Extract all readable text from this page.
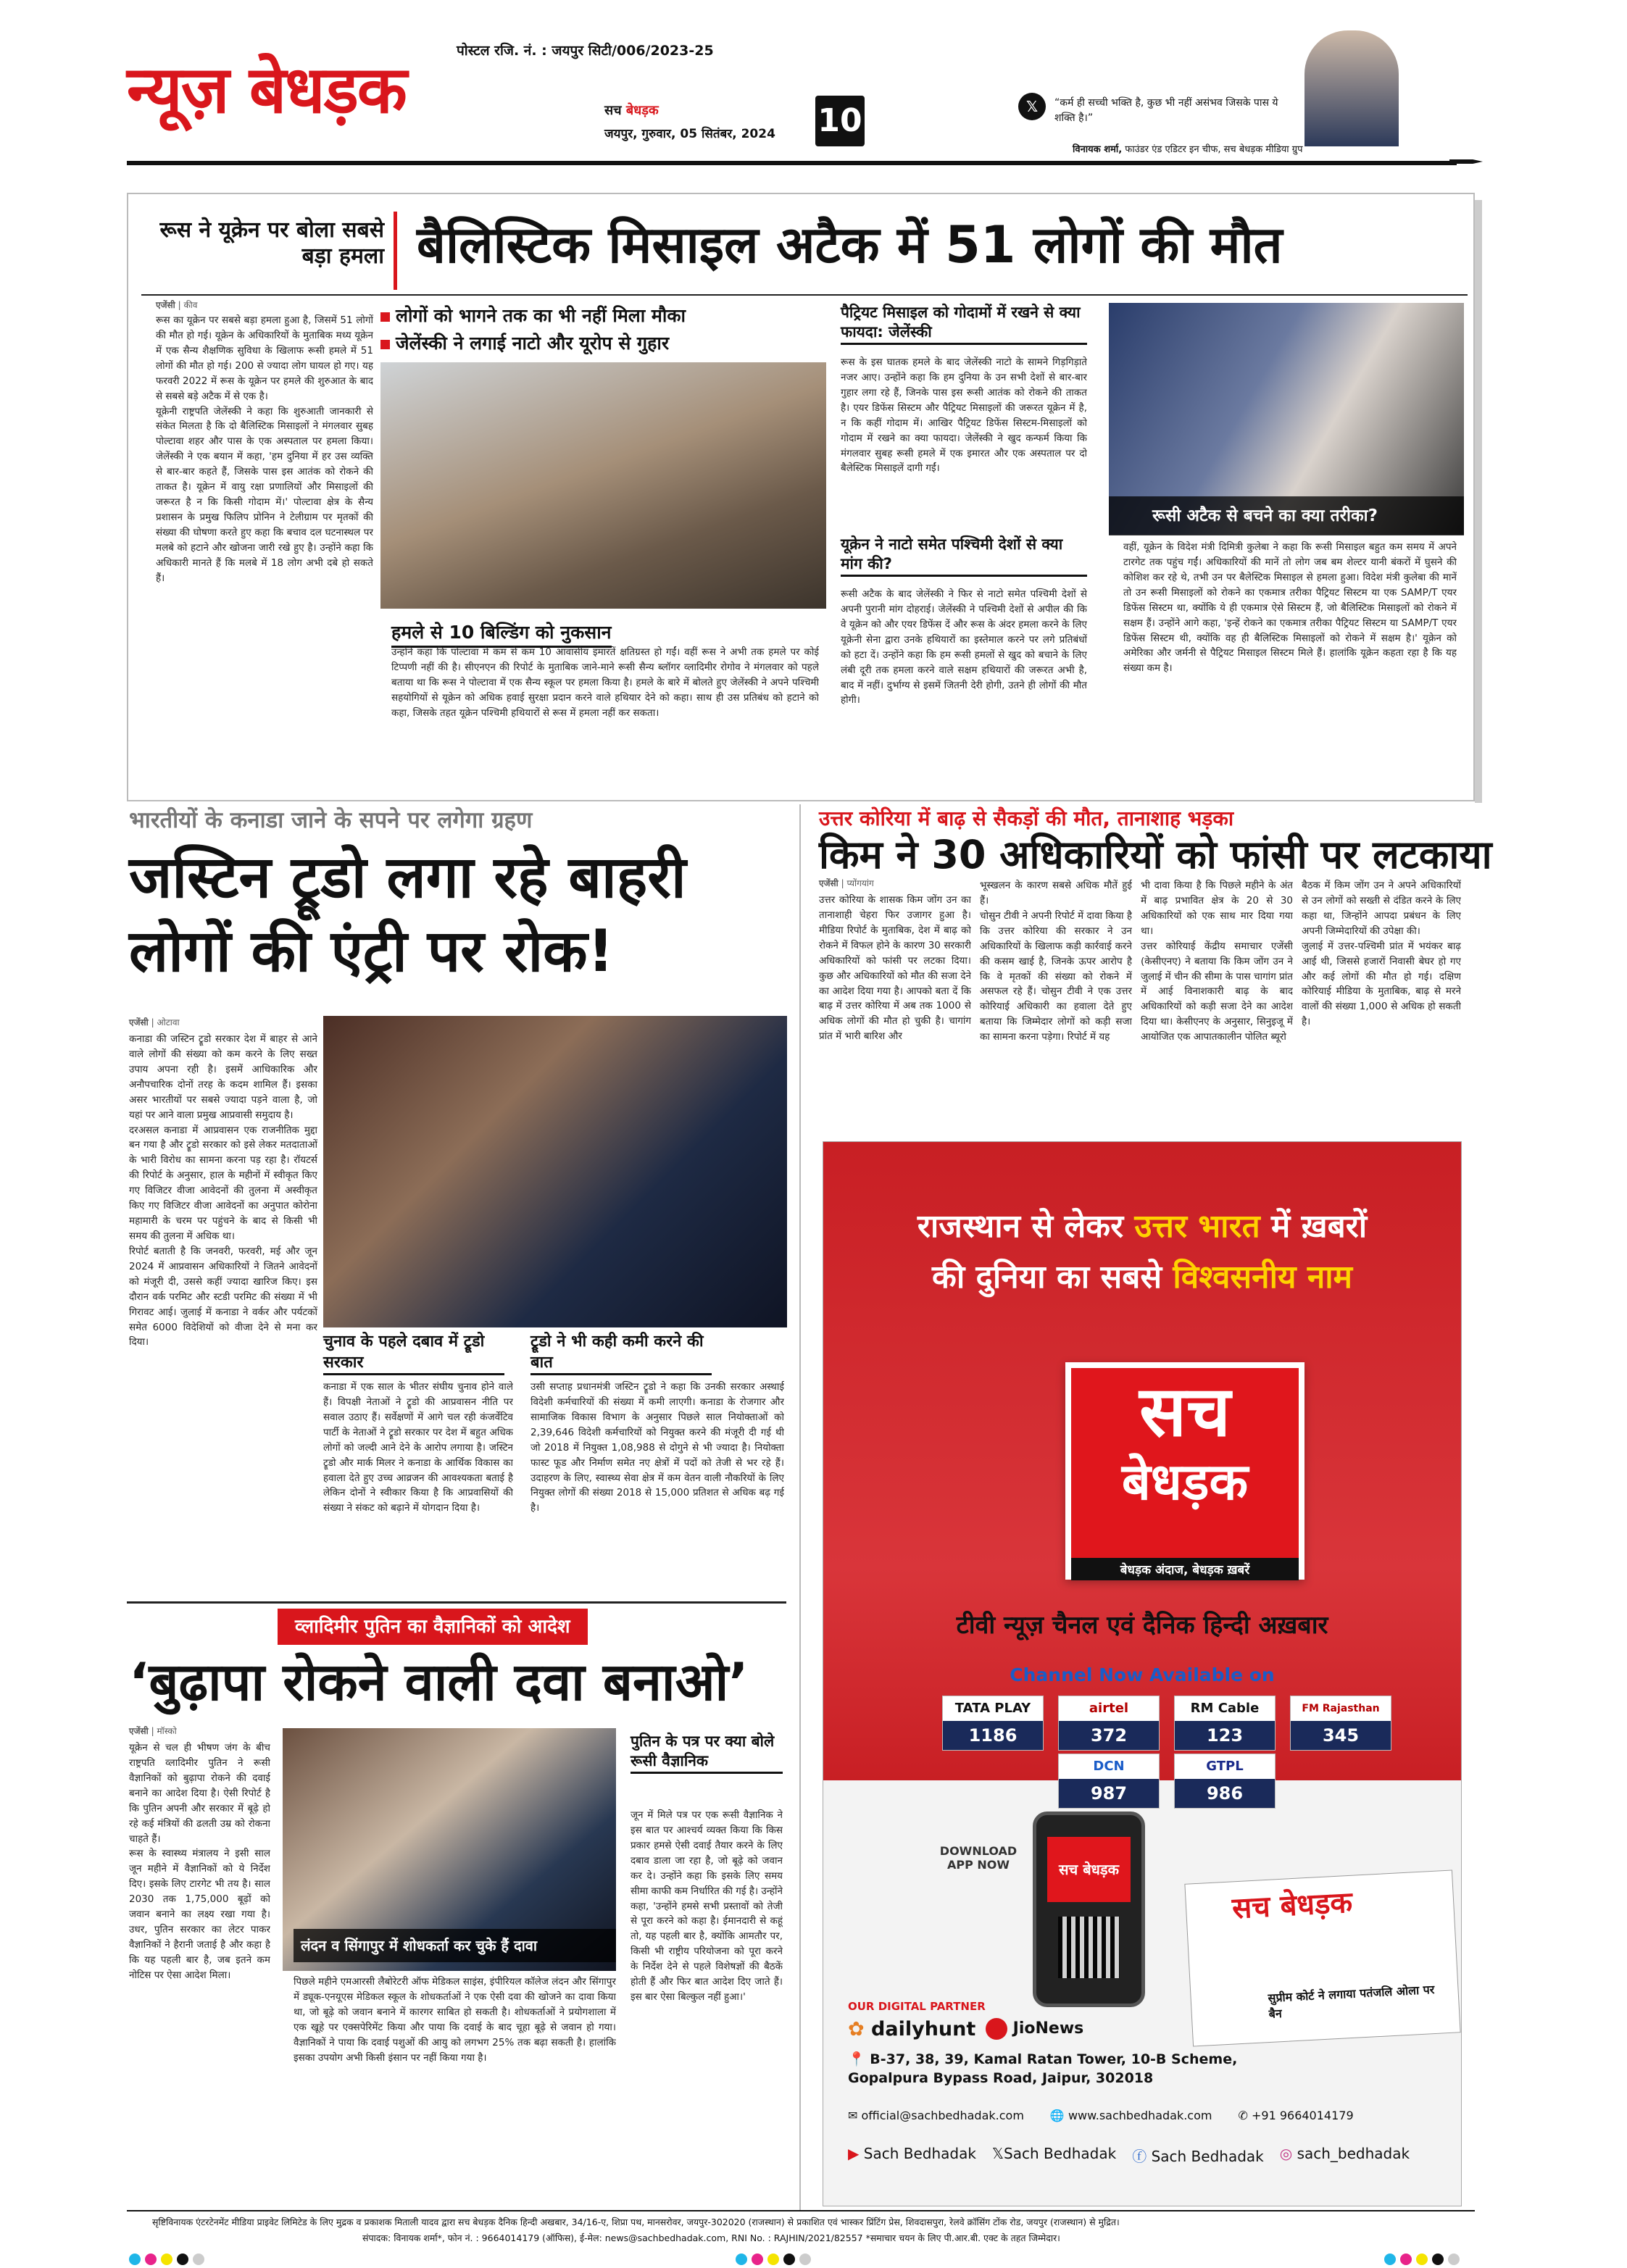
पोस्टल रजि. नं. : जयपुर सिटी/006/2023-25
न्यूज़ बेधड़क	सच बेधड़क
जयपुर, गुरुवार, 05 सितंबर, 2024 10	𝕏	“कर्म ही सच्ची भक्ति है, कुछ भी नहीं असंभव जिसके पास ये शक्ति है।”
विनायक शर्मा, फाउंडर एंड एडिटर इन चीफ, सच बेधड़क मीडिया ग्रुप
रूस ने यूक्रेन पर बोला सबसे बड़ा हमला बैलिस्टिक मिसाइल अटैक में 51 लोगों की मौत
एजेंसी | कीव
रूस का यूक्रेन पर सबसे बड़ा हमला हुआ है, जिसमें 51 लोगों की मौत हो गई। यूक्रेन के अधिकारियों के मुताबिक मध्य यूक्रेन में एक सैन्य शैक्षणिक सुविधा के खिलाफ रूसी हमले में 51 लोगों की मौत हो गई। 200 से ज्यादा लोग घायल हो गए। यह फरवरी 2022 में रूस के यूक्रेन पर हमले की शुरुआत के बाद से सबसे बड़े अटैक में से एक है।
यूक्रेनी राष्ट्रपति जेलेंस्की ने कहा कि शुरुआती जानकारी से संकेत मिलता है कि दो बैलिस्टिक मिसाइलों ने मंगलवार सुबह पोल्टावा शहर और पास के एक अस्पताल पर हमला किया। जेलेंस्की ने एक बयान में कहा, 'हम दुनिया में हर उस व्यक्ति से बार-बार कहते हैं, जिसके पास इस आतंक को रोकने की ताकत है। यूक्रेन में वायु रक्षा प्रणालियों और मिसाइलों की जरूरत है न कि किसी गोदाम में।' पोल्टावा क्षेत्र के सैन्य प्रशासन के प्रमुख फिलिप प्रोनिन ने टेलीग्राम पर मृतकों की संख्या की घोषणा करते हुए कहा कि बचाव दल घटनास्थल पर मलबे को हटाने और खोजना जारी रखे हुए है। उन्होंने कहा कि अधिकारी मानते हैं कि मलबे में 18 लोग अभी दबे हो सकते हैं।
लोगों को भागने तक का भी नहीं मिला मौका
जेलेंस्की ने लगाई नाटो और यूरोप से गुहार
हमले से 10 बिल्डिंग को नुकसान
उन्होंने कहा कि पोल्टावा में कम से कम 10 आवासीय इमारतें क्षतिग्रस्त हो गईं। वहीं रूस ने अभी तक हमले पर कोई टिप्पणी नहीं की है। सीएनएन की रिपोर्ट के मुताबिक जाने-माने रूसी सैन्य ब्लॉगर व्लादिमीर रोगोव ने मंगलवार को पहले बताया था कि रूस ने पोल्टावा में एक सैन्य स्कूल पर हमला किया है। हमले के बारे में बोलते हुए जेलेंस्की ने अपने पश्चिमी सहयोगियों से यूक्रेन को अधिक हवाई सुरक्षा प्रदान करने वाले हथियार देने को कहा। साथ ही उस प्रतिबंध को हटाने को कहा, जिसके तहत यूक्रेन पश्चिमी हथियारों से रूस में हमला नहीं कर सकता।
पैट्रियट मिसाइल को गोदामों में रखने से क्या फायदा: जेलेंस्की
रूस के इस घातक हमले के बाद जेलेंस्की नाटो के सामने गिड़गिड़ाते नजर आए। उन्होंने कहा कि हम दुनिया के उन सभी देशों से बार-बार गुहार लगा रहे हैं, जिनके पास इस रूसी आतंक को रोकने की ताकत है। एयर डिफेंस सिस्टम और पैट्रियट मिसाइलों की जरूरत यूक्रेन में है, न कि कहीं गोदाम में। आखिर पैट्रियट डिफेंस सिस्टम-मिसाइलों को गोदाम में रखने का क्या फायदा। जेलेंस्की ने खुद कन्फर्म किया कि मंगलवार सुबह रूसी हमले में एक इमारत और एक अस्पताल पर दो बैलेस्टिक मिसाइलें दागी गईं।
यूक्रेन ने नाटो समेत पश्चिमी देशों से क्या मांग की?
रूसी अटैक के बाद जेलेंस्की ने फिर से नाटो समेत पश्चिमी देशों से अपनी पुरानी मांग दोहराई। जेलेंस्की ने पश्चिमी देशों से अपील की कि वे यूक्रेन को और एयर डिफेंस दें और रूस के अंदर हमला करने के लिए यूक्रेनी सेना द्वारा उनके हथियारों का इस्तेमाल करने पर लगे प्रतिबंधों को हटा दें। उन्होंने कहा कि हम रूसी हमलों से खुद को बचाने के लिए लंबी दूरी तक हमला करने वाले सक्षम हथियारों की जरूरत अभी है, बाद में नहीं। दुर्भाग्य से इसमें जितनी देरी होगी, उतने ही लोगों की मौत होगी।
रूसी अटैक से बचने का क्या तरीका?
वहीं, यूक्रेन के विदेश मंत्री दिमित्री कुलेबा ने कहा कि रूसी मिसाइल बहुत कम समय में अपने टारगेट तक पहुंच गईं। अधिकारियों की मानें तो लोग जब बम शेल्टर यानी बंकरों में घुसने की कोशिश कर रहे थे, तभी उन पर बैलेस्टिक मिसाइल से हमला हुआ। विदेश मंत्री कुलेबा की मानें तो उन रूसी मिसाइलों को रोकने का एकमात्र तरीका पैट्रियट सिस्टम या एक SAMP/T एयर डिफेंस सिस्टम था, क्योंकि ये ही एकमात्र ऐसे सिस्टम हैं, जो बैलिस्टिक मिसाइलों को रोकने में सक्षम हैं। उन्होंने आगे कहा, 'इन्हें रोकने का एकमात्र तरीका पैट्रियट सिस्टम या SAMP/T एयर डिफेंस सिस्टम थी, क्योंकि वह ही बैलिस्टिक मिसाइलों को रोकने में सक्षम है।' यूक्रेन को अमेरिका और जर्मनी से पैट्रियट मिसाइल सिस्टम मिले हैं। हालांकि यूक्रेन कहता रहा है कि यह संख्या कम है।
भारतीयों के कनाडा जाने के सपने पर लगेगा ग्रहण
जस्टिन ट्रूडो लगा रहे बाहरी लोगों की एंट्री पर रोक!
एजेंसी | ओटावा
कनाडा की जस्टिन ट्रूडो सरकार देश में बाहर से आने वाले लोगों की संख्या को कम करने के लिए सख्त उपाय अपना रही है। इसमें आधिकारिक और अनौपचारिक दोनों तरह के कदम शामिल हैं। इसका असर भारतीयों पर सबसे ज्यादा पड़ने वाला है, जो यहां पर आने वाला प्रमुख आप्रवासी समुदाय है।
दरअसल कनाडा में आप्रवासन एक राजनीतिक मुद्दा बन गया है और ट्रूडो सरकार को इसे लेकर मतदाताओं के भारी विरोध का सामना करना पड़ रहा है। रॉयटर्स की रिपोर्ट के अनुसार, हाल के महीनों में स्वीकृत किए गए विजिटर वीजा आवेदनों की तुलना में अस्वीकृत किए गए विजिटर वीजा आवेदनों का अनुपात कोरोना महामारी के चरम पर पहुंचने के बाद से किसी भी समय की तुलना में अधिक था।
रिपोर्ट बताती है कि जनवरी, फरवरी, मई और जून 2024 में आप्रवासन अधिकारियों ने जितने आवेदनों को मंजूरी दी, उससे कहीं ज्यादा खारिज किए। इस दौरान वर्क परमिट और स्टडी परमिट की संख्या में भी गिरावट आई। जुलाई में कनाडा ने वर्कर और पर्यटकों समेत 6000 विदेशियों को वीजा देने से मना कर दिया।	चुनाव के पहले दबाव में ट्रूडो सरकार
कनाडा में एक साल के भीतर संघीय चुनाव होने वाले हैं। विपक्षी नेताओं ने ट्रूडो की आप्रवासन नीति पर सवाल उठाए हैं। सर्वेक्षणों में आगे चल रही कंजर्वेटिव पार्टी के नेताओं ने ट्रूडो सरकार पर देश में बहुत अधिक लोगों को जल्दी आने देने के आरोप लगाया है। जस्टिन ट्रूडो और मार्क मिलर ने कनाडा के आर्थिक विकास का हवाला देते हुए उच्च आव्रजन की आवश्यकता बताई है लेकिन दोनों ने स्वीकार किया है कि आप्रवासियों की संख्या ने संकट को बढ़ाने में योगदान दिया है।
ट्रूडो ने भी कही कमी करने की बात
उसी सप्ताह प्रधानमंत्री जस्टिन ट्रूडो ने कहा कि उनकी सरकार अस्थाई विदेशी कर्मचारियों की संख्या में कमी लाएगी। कनाडा के रोजगार और सामाजिक विकास विभाग के अनुसार पिछले साल नियोक्ताओं को 2,39,646 विदेशी कर्मचारियों को नियुक्त करने की मंजूरी दी गई थी जो 2018 में नियुक्त 1,08,988 से दोगुने से भी ज्यादा है। नियोक्ता फास्ट फूड और निर्माण समेत नए क्षेत्रों में पदों को तेजी से भर रहे हैं। उदाहरण के लिए, स्वास्थ्य सेवा क्षेत्र में कम वेतन वाली नौकरियों के लिए नियुक्त लोगों की संख्या 2018 से 15,000 प्रतिशत से अधिक बढ़ गई है।
उत्तर कोरिया में बाढ़ से सैकड़ों की मौत, तानाशाह भड़का
किम ने 30 अधिकारियों को फांसी पर लटकाया
एजेंसी | प्योंगयांग
उत्तर कोरिया के शासक किम जोंग उन का तानाशाही चेहरा फिर उजागर हुआ है। मीडिया रिपोर्ट के मुताबिक, देश में बाढ़ को रोकने में विफल होने के कारण 30 सरकारी अधिकारियों को फांसी पर लटका दिया। कुछ और अधिकारियों को मौत की सजा देने का आदेश दिया गया है। आपको बता दें कि बाढ़ में उत्तर कोरिया में अब तक 1000 से अधिक लोगों की मौत हो चुकी है। चागांग प्रांत में भारी बारिश और
भूस्खलन के कारण सबसे अधिक मौतें हुई हैं।
चोसुन टीवी ने अपनी रिपोर्ट में दावा किया है कि उत्तर कोरिया की सरकार ने उन अधिकारियों के खिलाफ कड़ी कार्रवाई करने की कसम खाई है, जिनके ऊपर आरोप है कि वे मृतकों की संख्या को रोकने में असफल रहे हैं। चोसुन टीवी ने एक उत्तर कोरियाई अधिकारी का हवाला देते हुए बताया कि जिम्मेदार लोगों को कड़ी सजा का सामना करना पड़ेगा। रिपोर्ट में यह
भी दावा किया है कि पिछले महीने के अंत में बाढ़ प्रभावित क्षेत्र के 20 से 30 अधिकारियों को एक साथ मार दिया गया था।
उत्तर कोरियाई केंद्रीय समाचार एजेंसी (केसीएनए) ने बताया कि किम जोंग उन ने जुलाई में चीन की सीमा के पास चागांग प्रांत में आई विनाशकारी बाढ़ के बाद अधिकारियों को कड़ी सजा देने का आदेश दिया था। केसीएनए के अनुसार, सिनुइजू में आयोजित एक आपातकालीन पोलित ब्यूरो
बैठक में किम जोंग उन ने अपने अधिकारियों से उन लोगों को सख्ती से दंडित करने के लिए कहा था, जिन्होंने आपदा प्रबंधन के लिए अपनी जिम्मेदारियों की उपेक्षा की।
जुलाई में उत्तर-पश्चिमी प्रांत में भयंकर बाढ़ आई थी, जिससे हजारों निवासी बेघर हो गए और कई लोगों की मौत हो गई। दक्षिण कोरियाई मीडिया के मुताबिक, बाढ़ से मरने वालों की संख्या 1,000 से अधिक हो सकती है।
राजस्थान से लेकर उत्तर भारत में ख़बरों
की दुनिया का सबसे विश्वसनीय नाम
सच
बेधड़क
बेधड़क अंदाज, बेधड़क ख़बरें
टीवी न्यूज़ चैनल एवं दैनिक हिन्दी अख़बार
Channel Now Available on
TATA PLAY
1186
airtel
372
RM Cable
123
FM Rajasthan
345
DCN
987
GTPL
986
DOWNLOAD
APP NOW	सच बेधड़क
सच बेधड़क
सुप्रीम कोर्ट ने लगाया पतंजलि ओला पर बैन
OUR DIGITAL PARTNER
✿ dailyhunt	JioNews
📍 B-37, 38, 39, Kamal Ratan Tower, 10-B Scheme,
Gopalpura Bypass Road, Jaipur, 302018
✉ official@sachbedhadak.com 🌐 www.sachbedhadak.com ✆ +91 9664014179
▶ Sach Bedhadak 𝕏Sach Bedhadak ⓕ Sach Bedhadak ◎ sach_bedhadak
व्लादिमीर पुतिन का वैज्ञानिकों को आदेश
‘बुढ़ापा रोकने वाली दवा बनाओ’
एजेंसी | मॉस्को
यूक्रेन से चल ही भीषण जंग के बीच राष्ट्रपति व्लादिमीर पुतिन ने रूसी वैज्ञानिकों को बुढ़ापा रोकने की दवाई बनाने का आदेश दिया है। ऐसी रिपोर्ट है कि पुतिन अपनी और सरकार में बूढ़े हो रहे कई मंत्रियों की ढलती उम्र को रोकना चाहते हैं।
रूस के स्वास्थ्य मंत्रालय ने इसी साल जून महीने में वैज्ञानिकों को ये निर्देश दिए। इसके लिए टारगेट भी तय है। साल 2030 तक 1,75,000 बूढ़ों को जवान बनाने का लक्ष्य रखा गया है। उधर, पुतिन सरकार का लेटर पाकर वैज्ञानिकों ने हैरानी जताई है और कहा है कि यह पहली बार है, जब इतने कम नोटिस पर ऐसा आदेश मिला।
लंदन व सिंगापुर में शोधकर्ता कर चुके हैं दावा
पिछले महीने एमआरसी लैबोरेटरी ऑफ मेडिकल साइंस, इंपीरियल कॉलेज लंदन और सिंगापुर में ड्यूक-एनयूएस मेडिकल स्कूल के शोधकर्ताओं ने एक ऐसी दवा की खोजने का दावा किया था, जो बूढ़े को जवान बनाने में कारगर साबित हो सकती है। शोधकर्ताओं ने प्रयोगशाला में एक खूहे पर एक्सपेरिमेंट किया और पाया कि दवाई के बाद चूहा बूढ़े से जवान हो गया। वैज्ञानिकों ने पाया कि दवाई पशुओं की आयु को लगभग 25% तक बढ़ा सकती है। हालांकि इसका उपयोग अभी किसी इंसान पर नहीं किया गया है।
पुतिन के पत्र पर क्या बोले रूसी वैज्ञानिक
जून में मिले पत्र पर एक रूसी वैज्ञानिक ने इस बात पर आश्चर्य व्यक्त किया कि किस प्रकार हमसे ऐसी दवाई तैयार करने के लिए दबाव डाला जा रहा है, जो बूढ़े को जवान कर दे। उन्होंने कहा कि इसके लिए समय सीमा काफी कम निर्धारित की गई है। उन्होंने कहा, 'उन्होंने हमसे सभी प्रस्तावों को तेजी से पूरा करने को कहा है। ईमानदारी से कहूं तो, यह पहली बार है, क्योंकि आमतौर पर, किसी भी राष्ट्रीय परियोजना को पूरा करने के निर्देश देने से पहले विशेषज्ञों की बैठकें होती हैं और फिर बात आदेश दिए जाते हैं। इस बार ऐसा बिल्कुल नहीं हुआ।'
सृष्टिविनायक एंटरटेनमेंट मीडिया प्राइवेट लिमिटेड के लिए मुद्रक व प्रकाशक मिताली यादव द्वारा सच बेधड़क दैनिक हिन्दी अखबार, 34/16-ए, शिप्रा पथ, मानसरोवर, जयपुर-302020 (राजस्थान) से प्रकाशित एवं भास्कर प्रिंटिंग प्रेस, शिवदासपुरा, रेलवे क्रॉसिंग टोंक रोड, जयपुर (राजस्थान) से मुद्रित।
संपादक: विनायक शर्मा*, फोन नं. : 9664014179 (ऑफिस), ई-मेल: news@sachbedhadak.com, RNI No. : RAJHIN/2021/82557 *समाचार चयन के लिए पी.आर.बी. एक्ट के तहत जिम्मेदार।
